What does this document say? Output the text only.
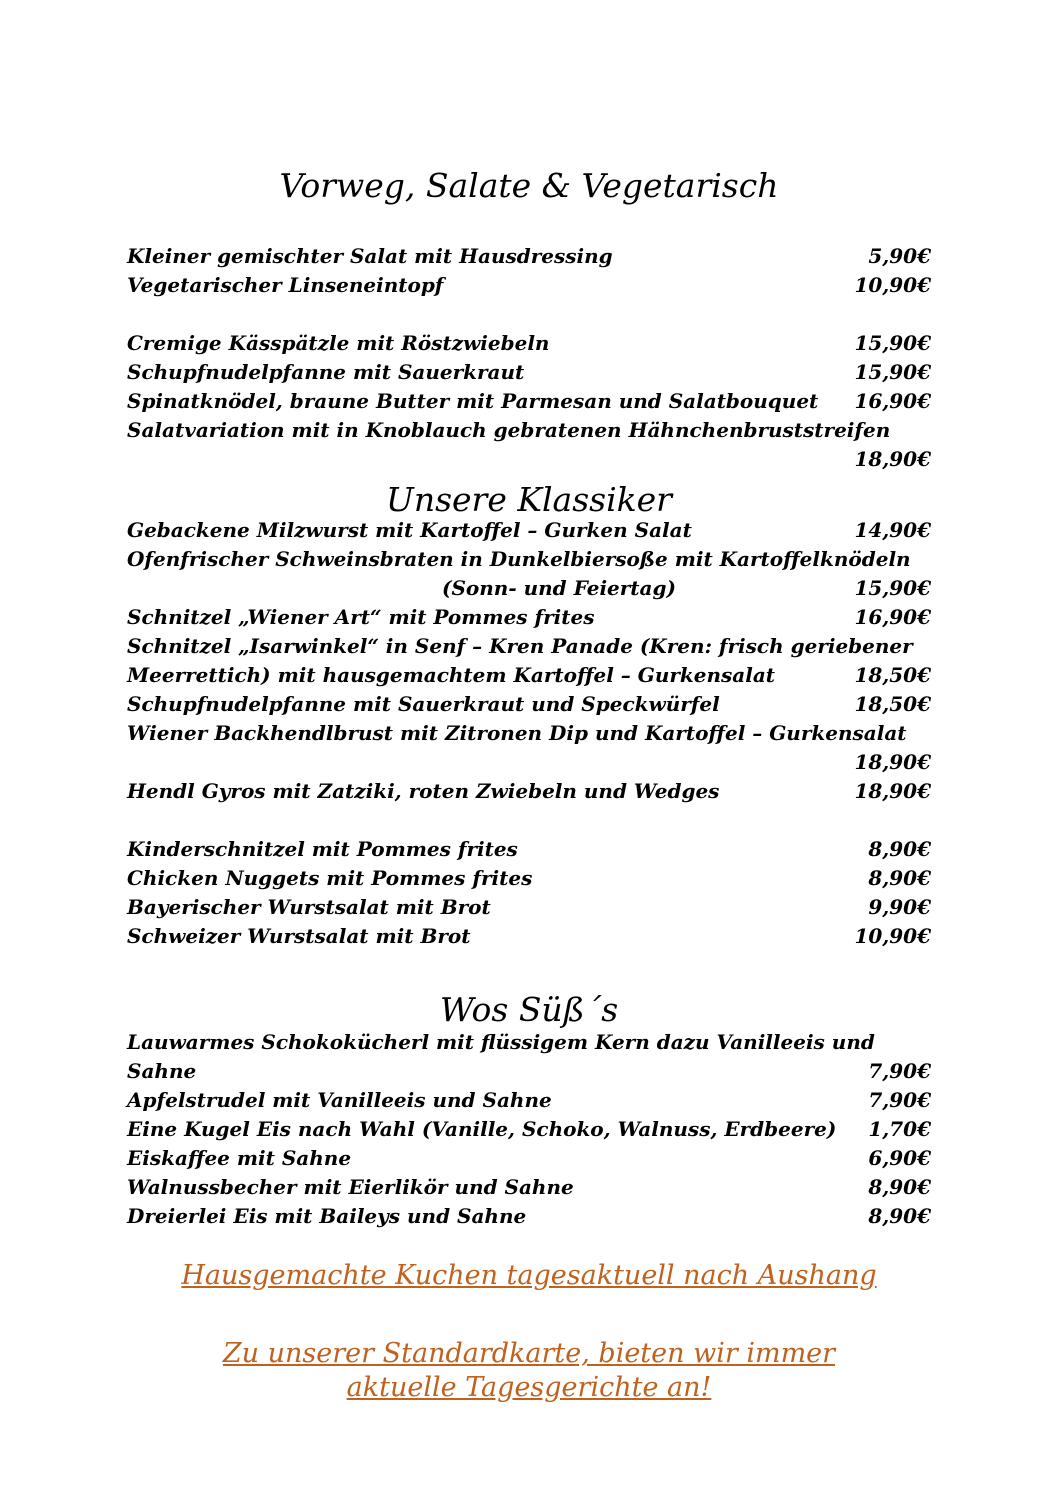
Vorweg, Salate & Vegetarisch
Kleiner gemischter Salat mit Hausdressing	5,90€
Vegetarischer Linseneintopf	10,90€
Cremige Kässpätzle mit Röstzwiebeln	15,90€
Schupfnudelpfanne mit Sauerkraut	15,90€
Spinatknödel, braune Butter mit Parmesan und Salatbouquet	16,90€
Salatvariation mit in Knoblauch gebratenen Hähnchenbruststreifen
18,90€
Unsere Klassiker
Gebackene Milzwurst mit Kartoffel – Gurken Salat	14,90€
Ofenfrischer Schweinsbraten in Dunkelbiersoße mit Kartoffelknödeln
(Sonn- und Feiertag)	15,90€
Schnitzel „Wiener Art“ mit Pommes frites	16,90€
Schnitzel „Isarwinkel“ in Senf – Kren Panade (Kren: frisch geriebener
Meerrettich) mit hausgemachtem Kartoffel – Gurkensalat	18,50€
Schupfnudelpfanne mit Sauerkraut und Speckwürfel	18,50€
Wiener Backhendlbrust mit Zitronen Dip und Kartoffel – Gurkensalat
18,90€
Hendl Gyros mit Zatziki, roten Zwiebeln und Wedges	18,90€
Kinderschnitzel mit Pommes frites	8,90€
Chicken Nuggets mit Pommes frites	8,90€
Bayerischer Wurstsalat mit Brot	9,90€
Schweizer Wurstsalat mit Brot	10,90€
Wos Süß´s
Lauwarmes Schokokücherl mit flüssigem Kern dazu Vanilleeis und
Sahne	7,90€
Apfelstrudel mit Vanilleeis und Sahne	7,90€
Eine Kugel Eis nach Wahl (Vanille, Schoko, Walnuss, Erdbeere)	1,70€
Eiskaffee mit Sahne	6,90€
Walnussbecher mit Eierlikör und Sahne	8,90€
Dreierlei Eis mit Baileys und Sahne	8,90€
Hausgemachte Kuchen tagesaktuell nach Aushang
Zu unserer Standardkarte, bieten wir immer
aktuelle Tagesgerichte an!
